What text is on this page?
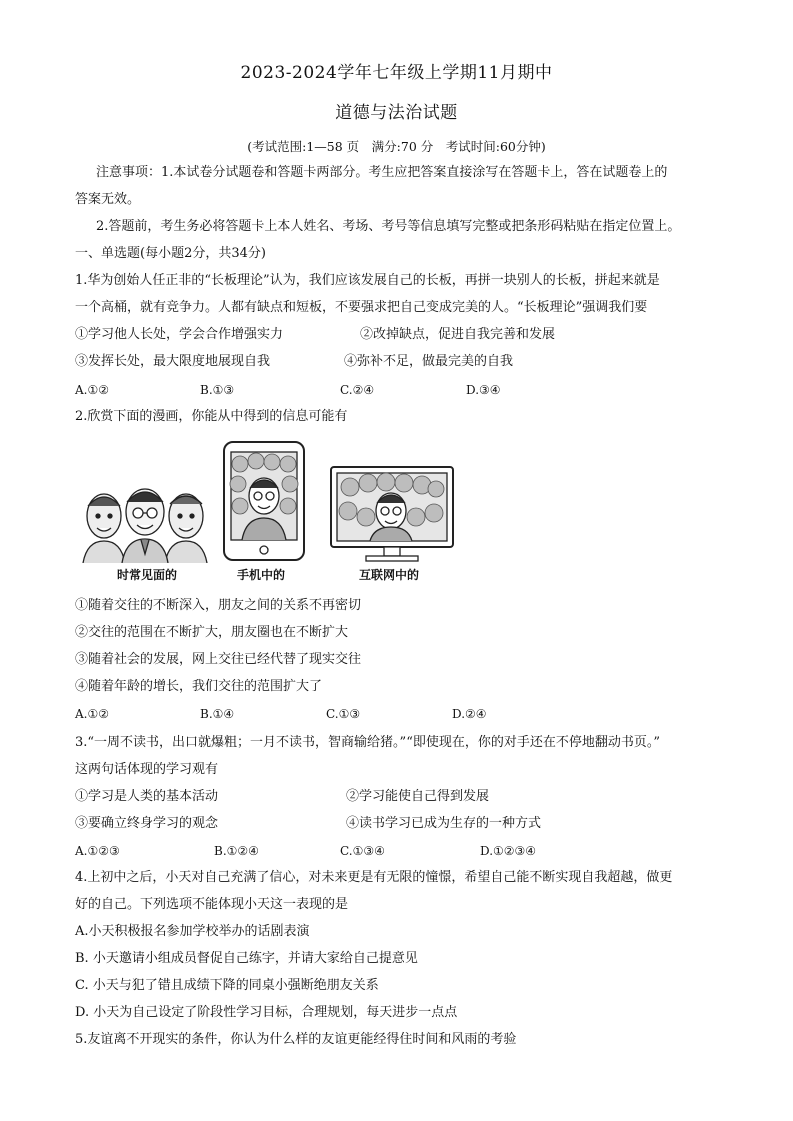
2023-2024学年七年级上学期11月期中
道德与法治试题
(考试范围:1—58 页　满分:70 分　考试时间:60分钟)
注意事项：1.本试卷分试题卷和答题卡两部分。考生应把答案直接涂写在答题卡上，答在试题卷上的
答案无效。
2.答题前，考生务必将答题卡上本人姓名、考场、考号等信息填写完整或把条形码粘贴在指定位置上。
一、单选题(每小题2分，共34分)
1.华为创始人任正非的“长板理论”认为，我们应该发展自己的长板，再拼一块别人的长板，拼起来就是
一个高桶，就有竞争力。人都有缺点和短板，不要强求把自己变成完美的人。“长板理论”强调我们要
①学习他人长处，学会合作增强实力	②改掉缺点，促进自我完善和发展
③发挥长处，最大限度地展现自我	④弥补不足，做最完美的自我
A.①②	B.①③	C.②④	D.③④
2.欣赏下面的漫画，你能从中得到的信息可能有
时常见面的	手机中的	互联网中的
①随着交往的不断深入，朋友之间的关系不再密切
②交往的范围在不断扩大，朋友圈也在不断扩大
③随着社会的发展，网上交往已经代替了现实交往
④随着年龄的增长，我们交往的范围扩大了
A.①②	B.①④	C.①③	D.②④
3.“一周不读书，出口就爆粗；一月不读书，智商输给猪。”“即使现在，你的对手还在不停地翻动书页。”
这两句话体现的学习观有
①学习是人类的基本活动	②学习能使自己得到发展
③要确立终身学习的观念	④读书学习已成为生存的一种方式
A.①②③	B.①②④	C.①③④	D.①②③④
4.上初中之后，小天对自己充满了信心，对未来更是有无限的憧憬，希望自己能不断实现自我超越，做更
好的自己。下列选项不能体现小天这一表现的是
A.小天积极报名参加学校举办的话剧表演
B. 小天邀请小组成员督促自己练字，并请大家给自己提意见
C. 小天与犯了错且成绩下降的同桌小强断绝朋友关系
D. 小天为自己设定了阶段性学习目标，合理规划，每天进步一点点
5.友谊离不开现实的条件，你认为什么样的友谊更能经得住时间和风雨的考验
